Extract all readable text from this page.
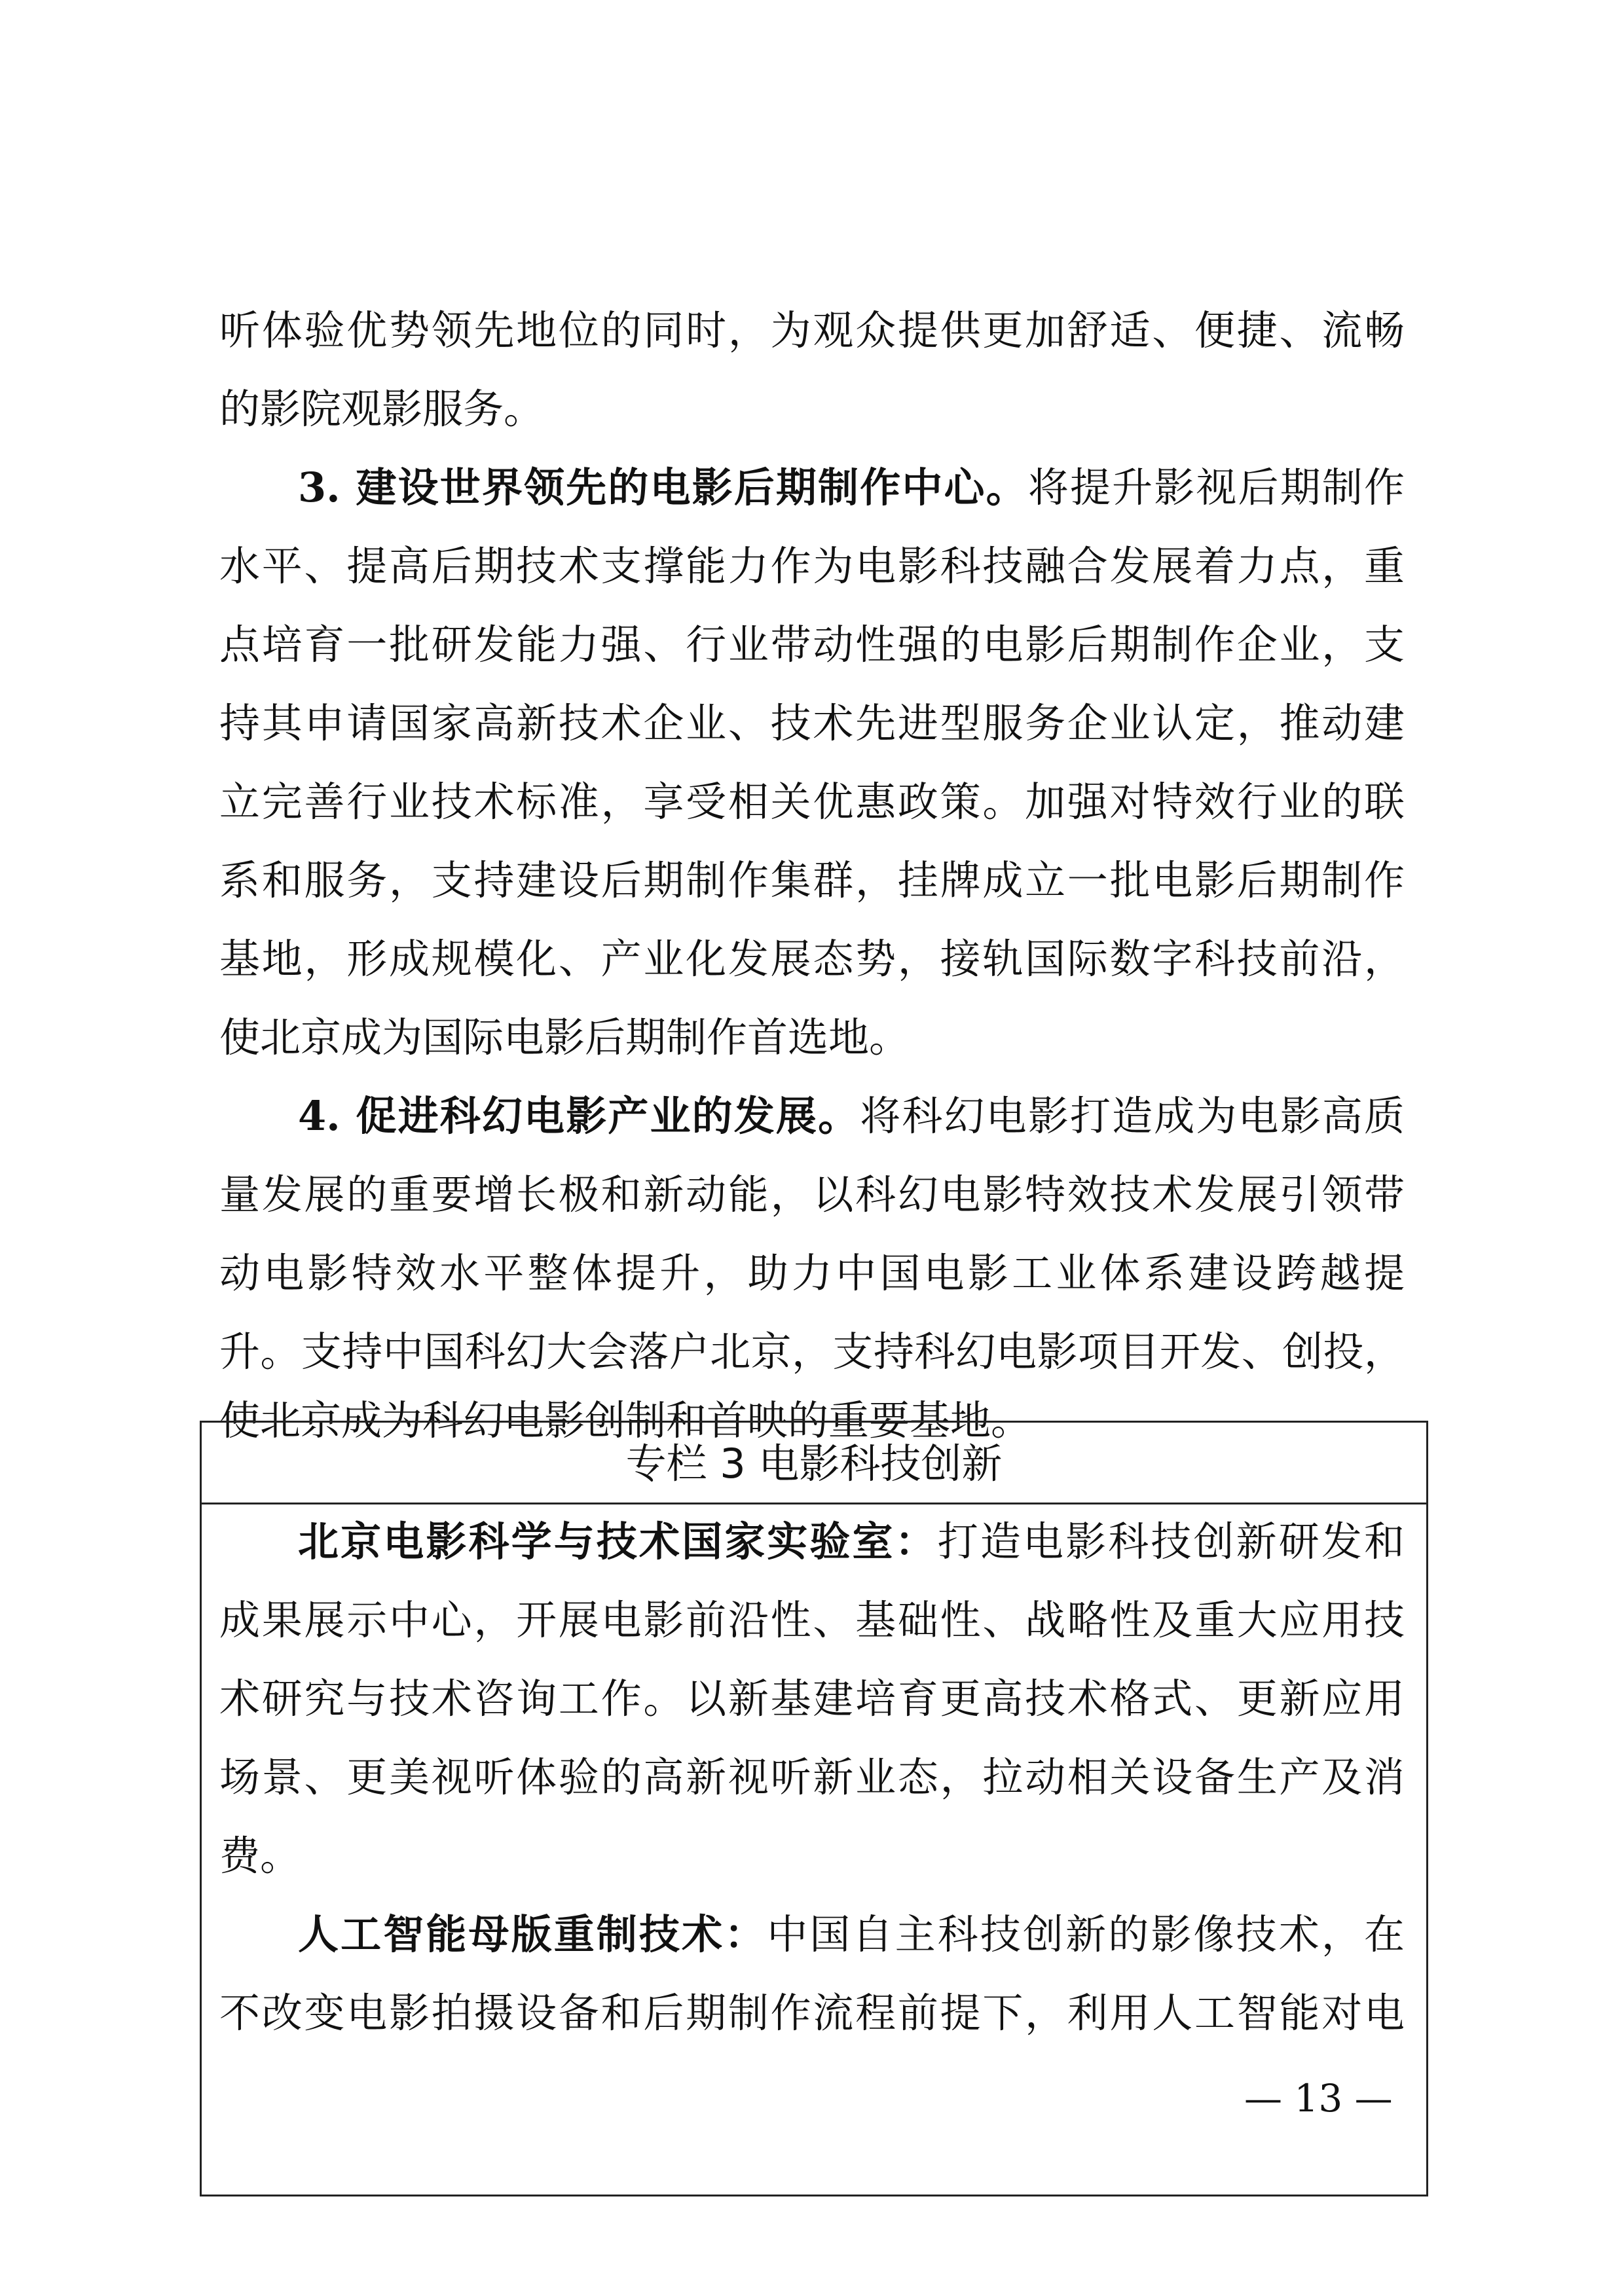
听体验优势领先地位的同时，为观众提供更加舒适、便捷、流畅
的影院观影服务。
3. 建设世界领先的电影后期制作中心。将提升影视后期制作
水平、提高后期技术支撑能力作为电影科技融合发展着力点，重
点培育一批研发能力强、行业带动性强的电影后期制作企业，支
持其申请国家高新技术企业、技术先进型服务企业认定，推动建
立完善行业技术标准，享受相关优惠政策。加强对特效行业的联
系和服务，支持建设后期制作集群，挂牌成立一批电影后期制作
基地，形成规模化、产业化发展态势，接轨国际数字科技前沿，
使北京成为国际电影后期制作首选地。
4. 促进科幻电影产业的发展。将科幻电影打造成为电影高质
量发展的重要增长极和新动能，以科幻电影特效技术发展引领带
动电影特效水平整体提升，助力中国电影工业体系建设跨越提
升。支持中国科幻大会落户北京，支持科幻电影项目开发、创投，
使北京成为科幻电影创制和首映的重要基地。
专栏 3 电影科技创新
北京电影科学与技术国家实验室：打造电影科技创新研发和
成果展示中心，开展电影前沿性、基础性、战略性及重大应用技
术研究与技术咨询工作。以新基建培育更高技术格式、更新应用
场景、更美视听体验的高新视听新业态，拉动相关设备生产及消
费。
人工智能母版重制技术：中国自主科技创新的影像技术，在
不改变电影拍摄设备和后期制作流程前提下，利用人工智能对电
— 13 —
